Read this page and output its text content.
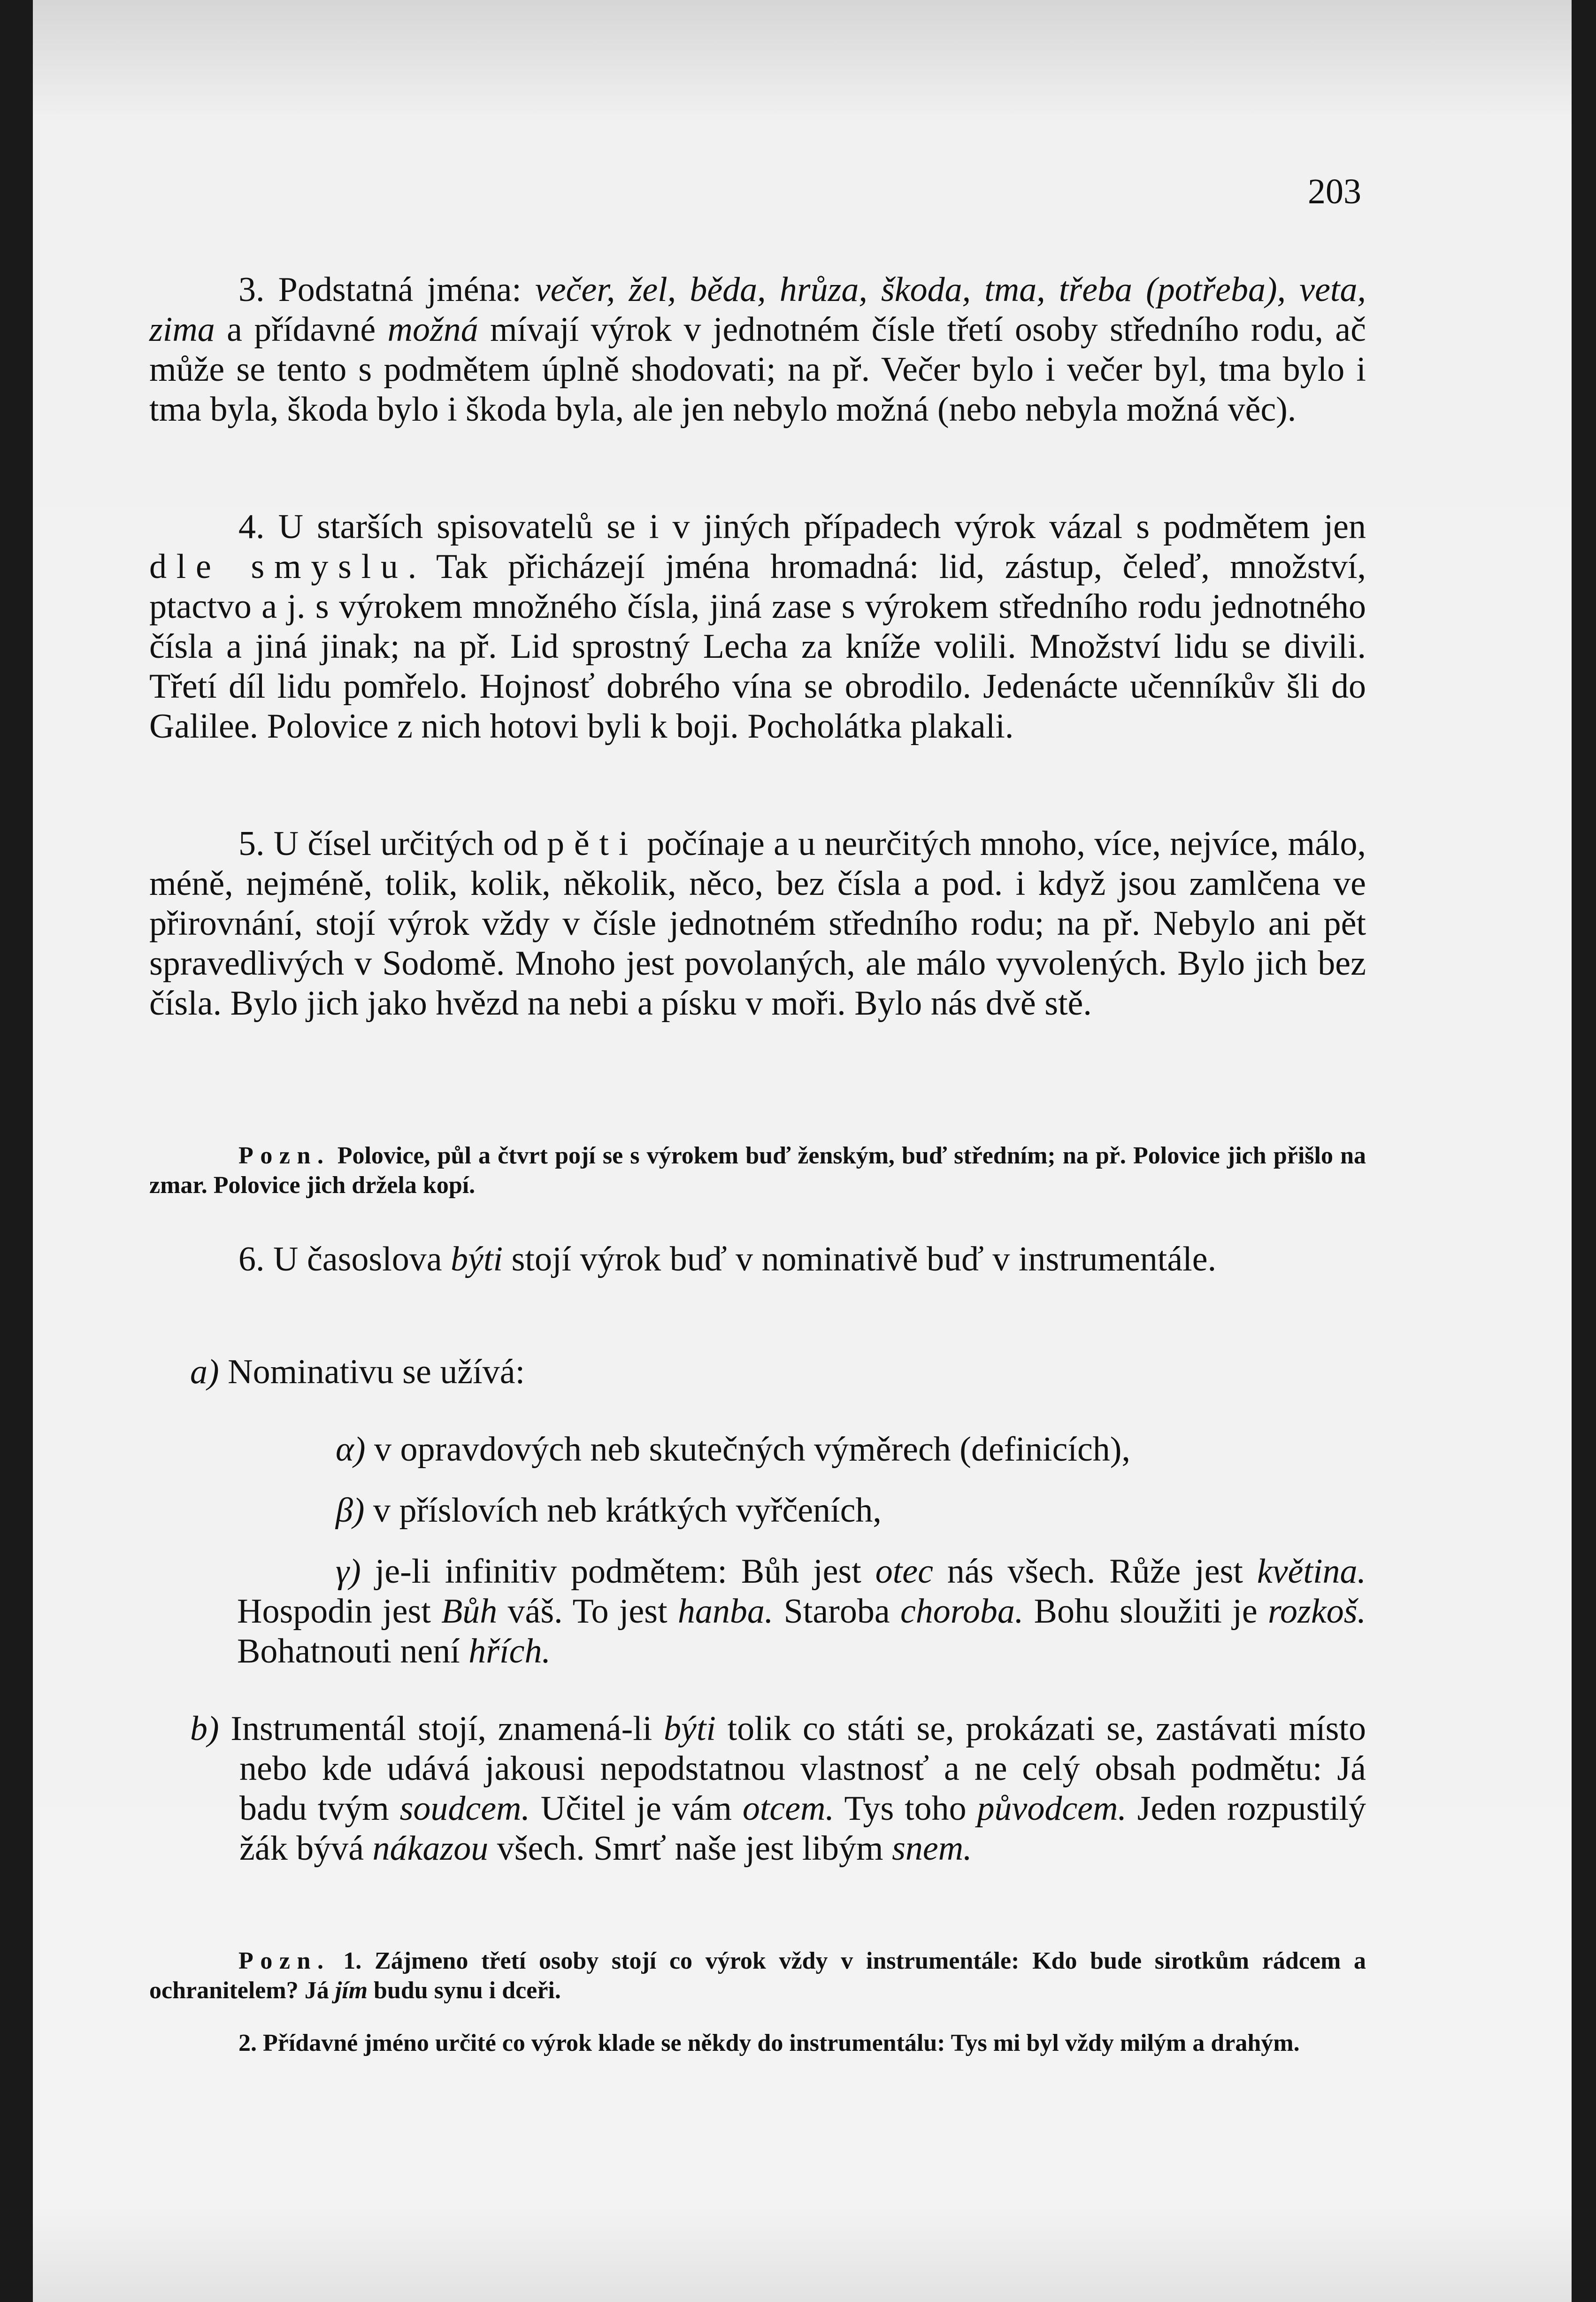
203

3. Podstatná jména: večer, žel, běda, hrůza, škoda, tma, třeba (potřeba), veta, zima a přídavné možná mívají výrok v jednotném čísle třetí osoby středního rodu, ač může se tento s podmětem úplně shodovati; na př. Večer bylo i večer byl, tma bylo i tma byla, škoda bylo i škoda byla, ale jen nebylo možná (nebo nebyla možná věc).

4. U starších spisovatelů se i v jiných případech výrok vázal s podmětem jen dle smyslu. Tak přicházejí jména hromadná: lid, zástup, čeleď, množství, ptactvo a j. s výrokem množného čísla, jiná zase s výrokem středního rodu jednotného čísla a jiná jinak; na př. Lid sprostný Lecha za kníže volili. Množství lidu se divili. Třetí díl lidu pomřelo. Hojnosť dobrého vína se obrodilo. Jedenácte učenníkův šli do Galilee. Polovice z nich hotovi byli k boji. Pocholátka plakali.

5. U čísel určitých od pěti počínaje a u neurčitých mnoho, více, nejvíce, málo, méně, nejméně, tolik, kolik, několik, něco, bez čísla a pod. i když jsou zamlčena ve přirovnání, stojí výrok vždy v čísle jednotném středního rodu; na př. Nebylo ani pět spravedlivých v Sodomě. Mnoho jest povolaných, ale málo vyvolených. Bylo jich bez čísla. Bylo jich jako hvězd na nebi a písku v moři. Bylo nás dvě stě.

Pozn. Polovice, půl a čtvrt pojí se s výrokem buď ženským, buď středním; na př. Polovice jich přišlo na zmar. Polovice jich držela kopí.

6. U časoslova býti stojí výrok buď v nominativě buď v instrumentále.

a) Nominativu se užívá:

α) v opravdových neb skutečných výměrech (definicích),

β) v příslovích neb krátkých vyřčeních,

γ) je-li infinitiv podmětem: Bůh jest otec nás všech. Růže jest květina. Hospodin jest Bůh váš. To jest hanba. Staroba choroba. Bohu sloužiti je rozkoš. Bohatnouti není hřích.

b) Instrumentál stojí, znamená-li býti tolik co státi se, prokázati se, zastávati místo nebo kde udává jakousi nepodstatnou vlastnosť a ne celý obsah podmětu: Já badu tvým soudcem. Učitel je vám otcem. Tys toho původcem. Jeden rozpustilý žák bývá nákazou všech. Smrť naše jest libým snem.

Pozn. 1. Zájmeno třetí osoby stojí co výrok vždy v instrumentále: Kdo bude sirotkům rádcem a ochranitelem? Já jím budu synu i dceři.

2. Přídavné jméno určité co výrok klade se někdy do instrumentálu: Tys mi byl vždy milým a drahým.
